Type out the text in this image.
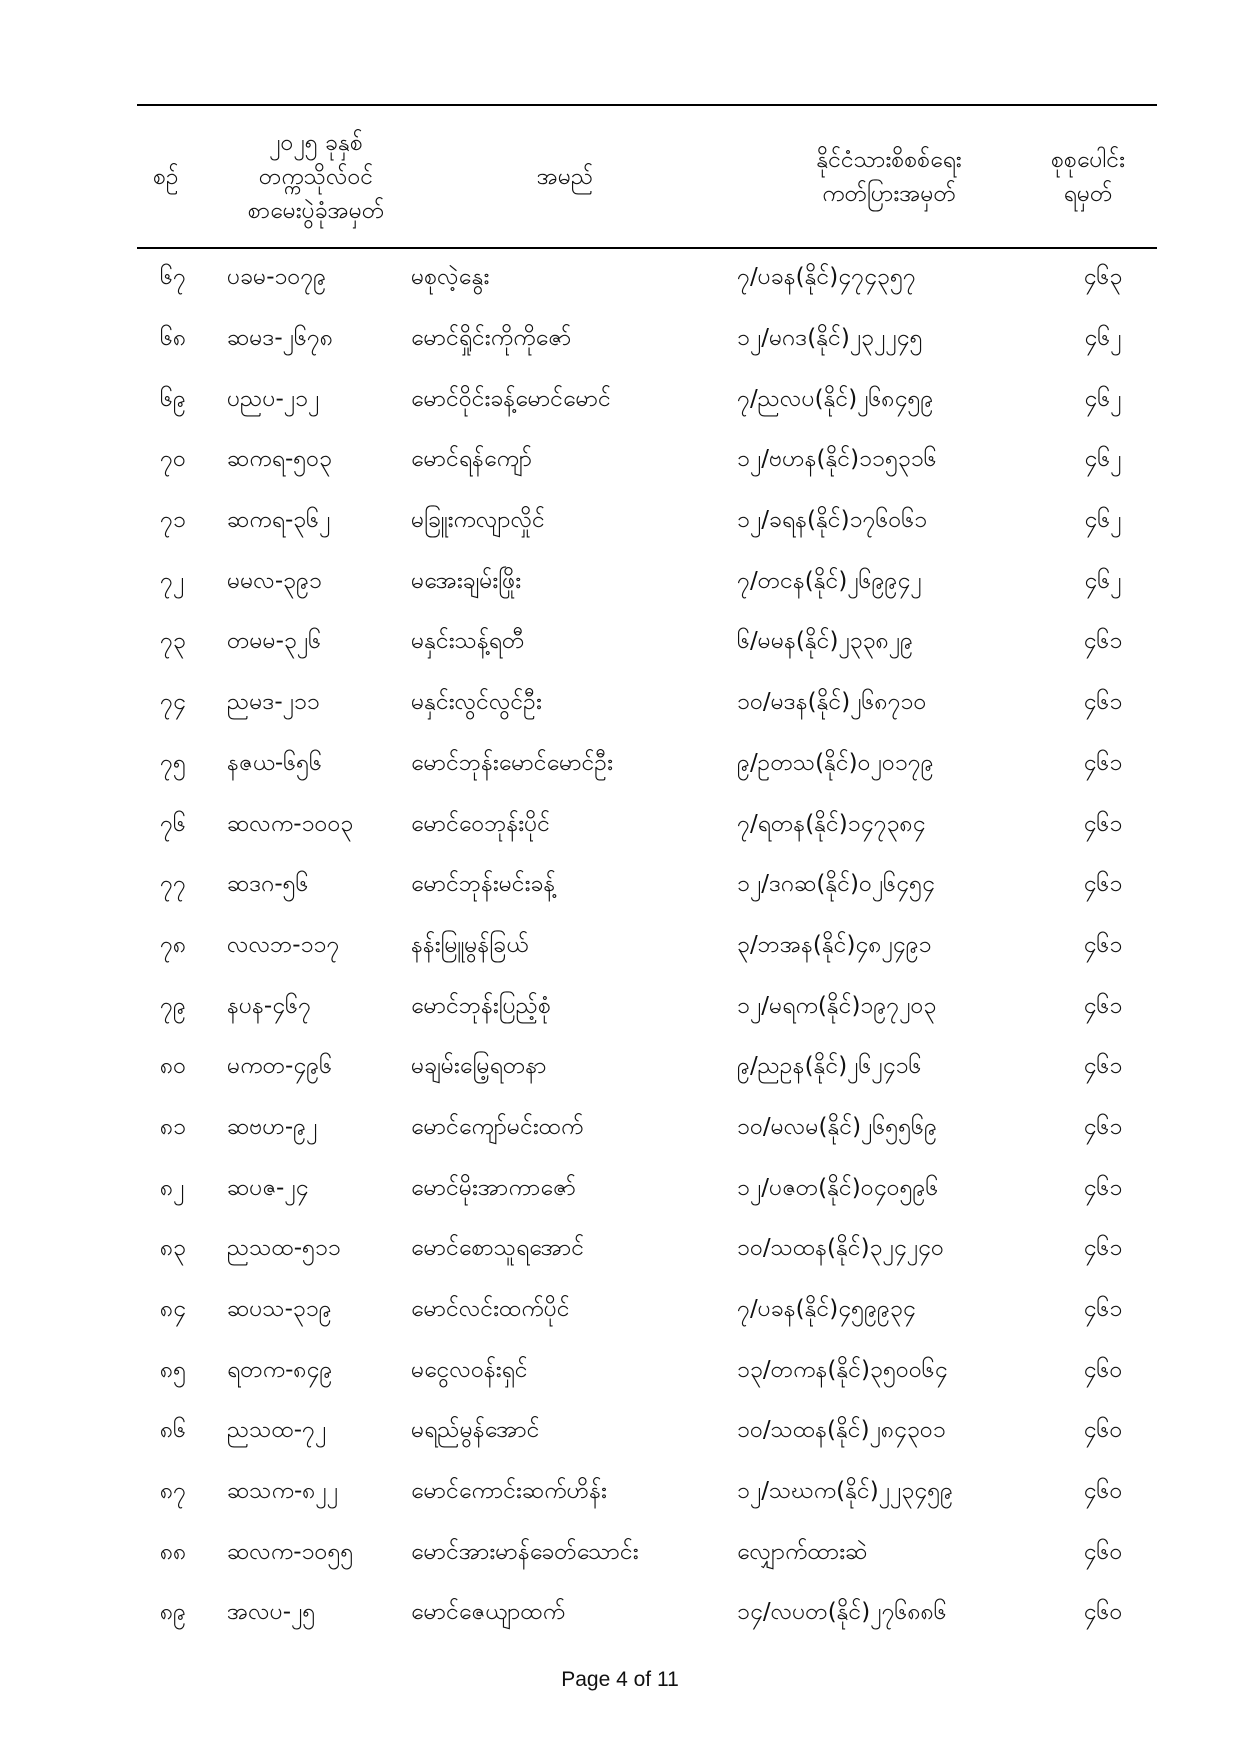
စဉ်	၂၀၂၅ ခုနှစ်
တက္ကသိုလ်ဝင်
စာမေးပွဲခုံအမှတ်	အမည်	နိုင်ငံသားစိစစ်ရေး
ကတ်ပြားအမှတ်	စုစုပေါင်း
ရမှတ်

၆၇	ပခမ-၁၀၇၉	မစုလဲ့နွေး	၇/ပခန(နိုင်)၄၇၄၃၅၇	၄၆၃
၆၈	ဆမဒ-၂၆၇၈	မောင်ရှိုင်းကိုကိုဇော်	၁၂/မဂဒ(နိုင်)၂၃၂၂၄၅	၄၆၂
၆၉	ပညပ-၂၁၂	မောင်ဝိုင်းခန့်မောင်မောင်	၇/ညလပ(နိုင်)၂၆၈၄၅၉	၄၆၂
၇၀	ဆကရ-၅၀၃	မောင်ရန်ကျော်	၁၂/ဗဟန(နိုင်)၁၁၅၃၁၆	၄၆၂
၇၁	ဆကရ-၃၆၂	မခြူးကလျာလှိုင်	၁၂/ခရန(နိုင်)၁၇၆၀၆၁	၄၆၂
၇၂	မမလ-၃၉၁	မအေးချမ်းဖြိုး	၇/တငန(နိုင်)၂၆၉၉၄၂	၄၆၂
၇၃	တမမ-၃၂၆	မနှင်းသန့်ရတီ	၆/မမန(နိုင်)၂၃၃၈၂၉	၄၆၁
၇၄	ညမဒ-၂၁၁	မနှင်းလွင်လွင်ဦး	၁၀/မဒန(နိုင်)၂၆၈၇၁၀	၄၆၁
၇၅	နဇယ-၆၅၆	မောင်ဘုန်းမောင်မောင်ဦး	၉/ဥတသ(နိုင်)၀၂၀၁၇၉	၄၆၁
၇၆	ဆလက-၁၀၀၃	မောင်ဝေဘုန်းပိုင်	၇/ရတန(နိုင်)၁၄၇၃၈၄	၄၆၁
၇၇	ဆဒဂ-၅၆	မောင်ဘုန်းမင်းခန့်	၁၂/ဒဂဆ(နိုင်)၀၂၆၄၅၄	၄၆၁
၇၈	လလဘ-၁၁၇	နန်းမြူမွန်ခြယ်	၃/ဘအန(နိုင်)၄၈၂၄၉၁	၄၆၁
၇၉	နပန-၄၆၇	မောင်ဘုန်းပြည့်စုံ	၁၂/မရက(နိုင်)၁၉၇၂၀၃	၄၆၁
၈၀	မကတ-၄၉၆	မချမ်းမြေ့ရတနာ	၉/ညဥန(နိုင်)၂၆၂၄၁၆	၄၆၁
၈၁	ဆဗဟ-၉၂	မောင်ကျော်မင်းထက်	၁၀/မလမ(နိုင်)၂၆၅၅၆၉	၄၆၁
၈၂	ဆပဇ-၂၄	မောင်မိုးအာကာဇော်	၁၂/ပဇတ(နိုင်)၀၄၀၅၉၆	၄၆၁
၈၃	ညသထ-၅၁၁	မောင်စောသူရအောင်	၁၀/သထန(နိုင်)၃၂၄၂၄၀	၄၆၁
၈၄	ဆပသ-၃၁၉	မောင်လင်းထက်ပိုင်	၇/ပခန(နိုင်)၄၅၉၉၃၄	၄၆၁
၈၅	ရတက-၈၄၉	မငွေလဝန်းရှင်	၁၃/တကန(နိုင်)၃၅၀၀၆၄	၄၆၀
၈၆	ညသထ-၇၂	မရည်မွန်အောင်	၁၀/သထန(နိုင်)၂၈၄၃၀၁	၄၆၀
၈၇	ဆသက-၈၂၂	မောင်ကောင်းဆက်ဟိန်း	၁၂/သဃက(နိုင်)၂၂၃၄၅၉	၄၆၀
၈၈	ဆလက-၁၀၅၅	မောင်အားမာန်ခေတ်သောင်း	လျှောက်ထားဆဲ	၄၆၀
၈၉	အလပ-၂၅	မောင်ဇေယျာထက်	၁၄/လပတ(နိုင်)၂၇၆၈၈၆	၄၆၀
Page 4 of 11
